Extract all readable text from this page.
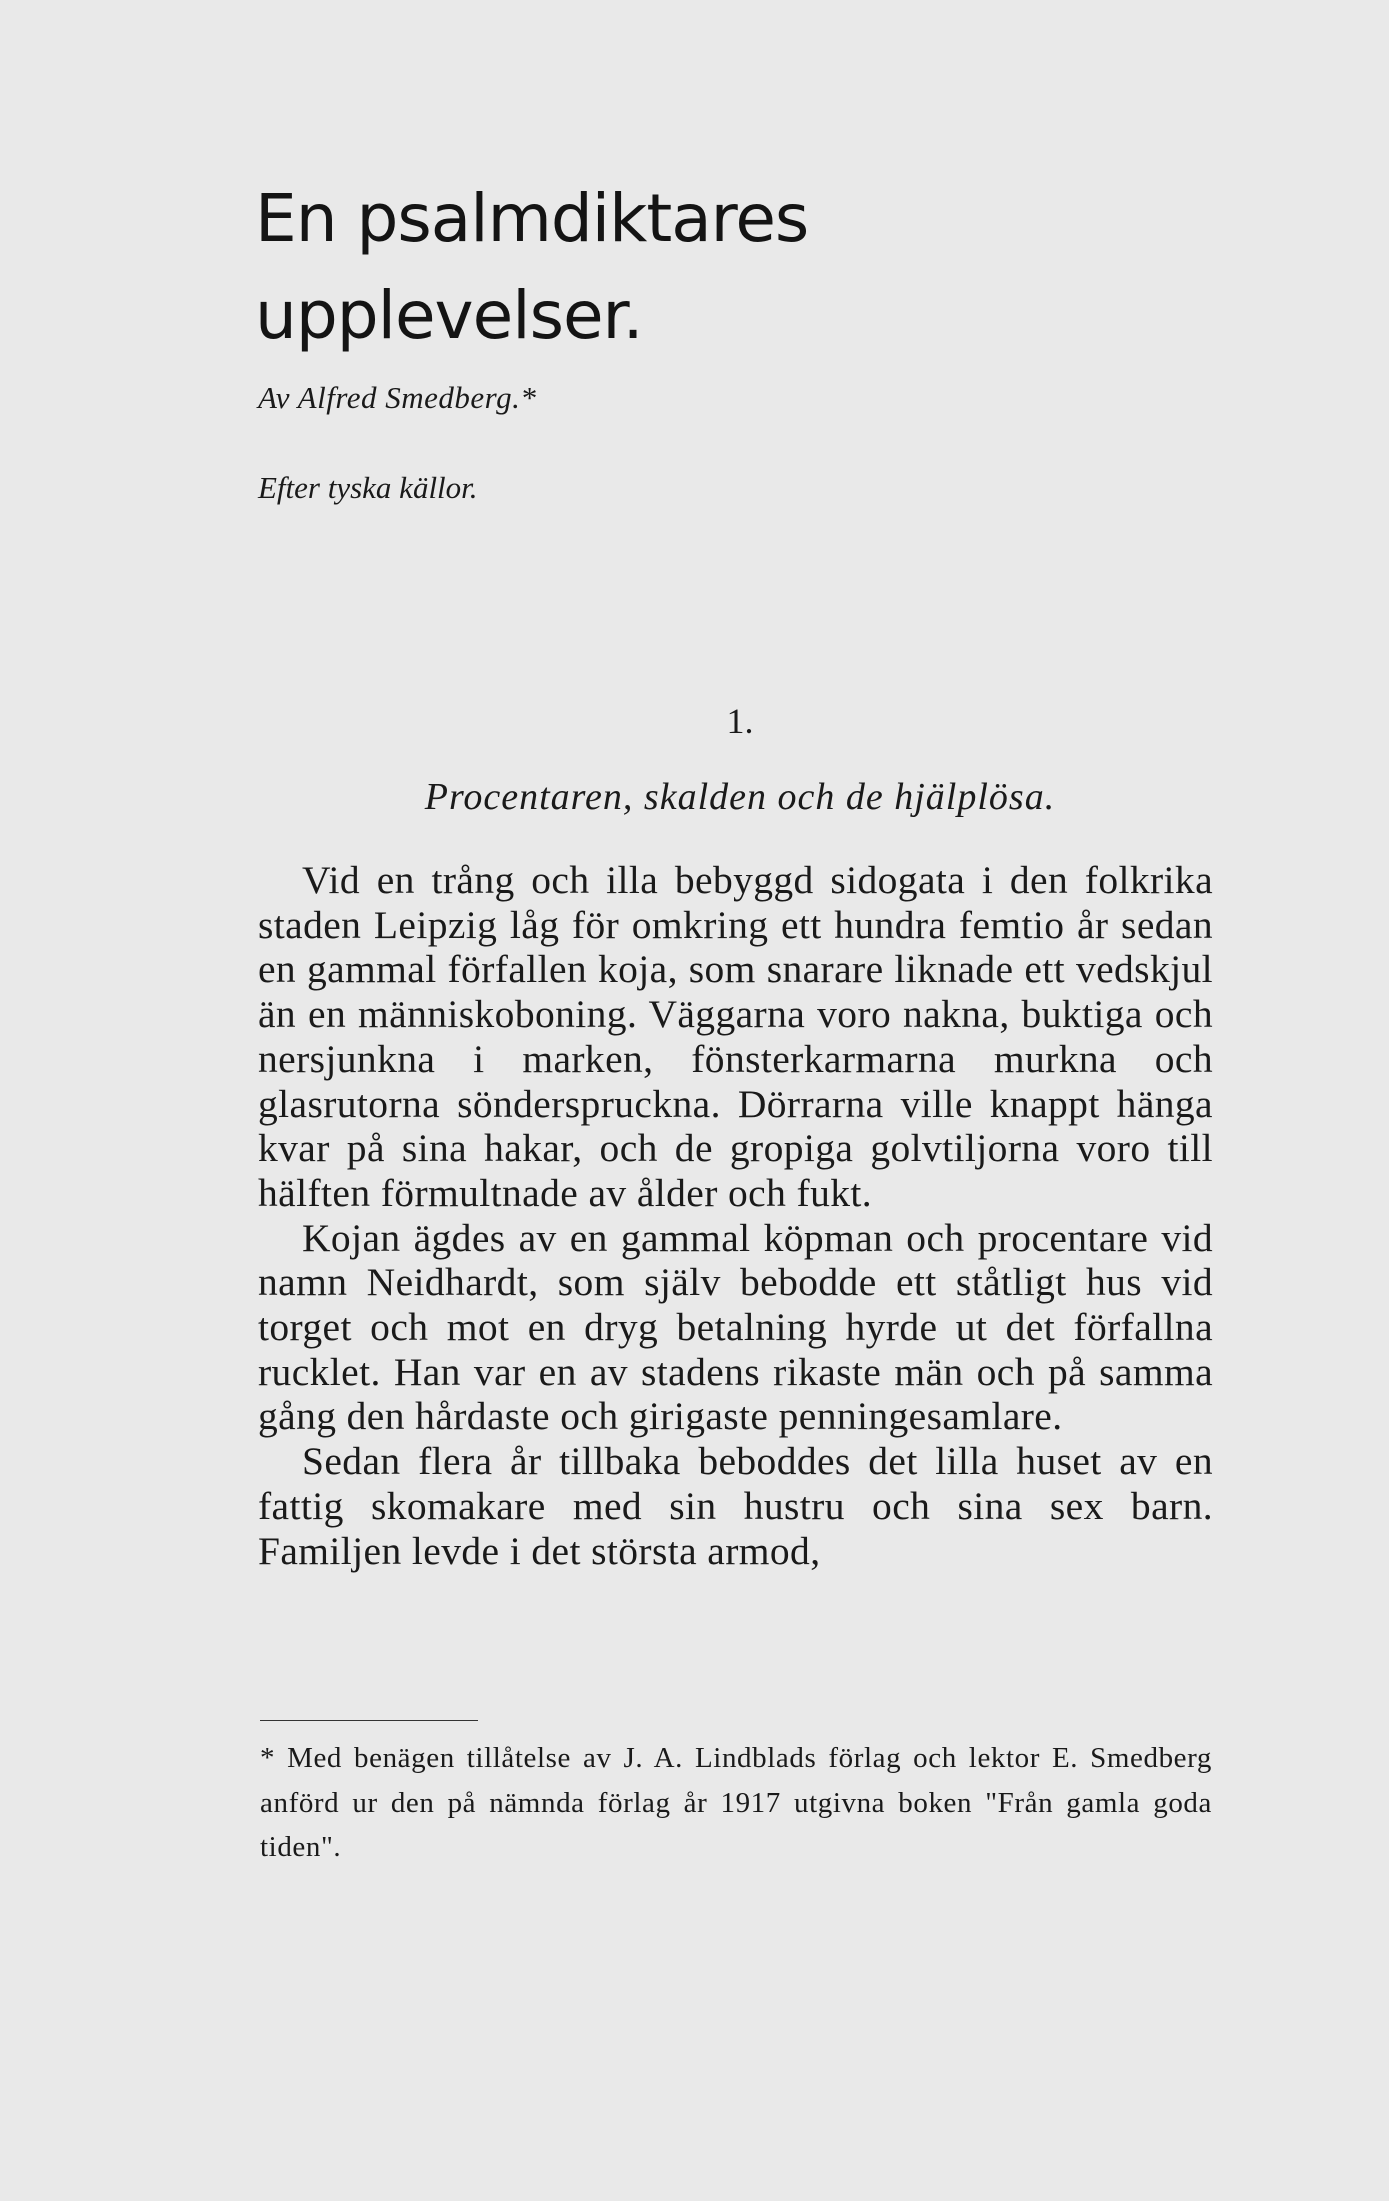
En psalmdiktares
upplevelser.
Av Alfred Smedberg.*
Efter tyska källor.
1.
Procentaren, skalden och de hjälplösa.

Vid en trång och illa bebyggd sidogata i den folkrika staden Leipzig låg för omkring ett hundra femtio år sedan en gammal förfallen koja, som snarare liknade ett vedskjul än en människoboning. Väggarna voro nakna, buktiga och nersjunkna i marken, fönsterkarmarna murkna och glasrutorna sönderspruckna. Dörrarna ville knappt hänga kvar på sina hakar, och de gropiga golvtiljorna voro till hälften förmultnade av ålder och fukt.

Kojan ägdes av en gammal köpman och procentare vid namn Neidhardt, som själv bebodde ett ståtligt hus vid torget och mot en dryg betalning hyrde ut det förfallna rucklet. Han var en av stadens rikaste män och på samma gång den hårdaste och girigaste penningesamlare.

Sedan flera år tillbaka beboddes det lilla huset av en fattig skomakare med sin hustru och sina sex barn. Familjen levde i det största armod,

* Med benägen tillåtelse av J. A. Lindblads förlag och lektor E. Smedberg anförd ur den på nämnda förlag år 1917 utgivna boken "Från gamla goda tiden".
